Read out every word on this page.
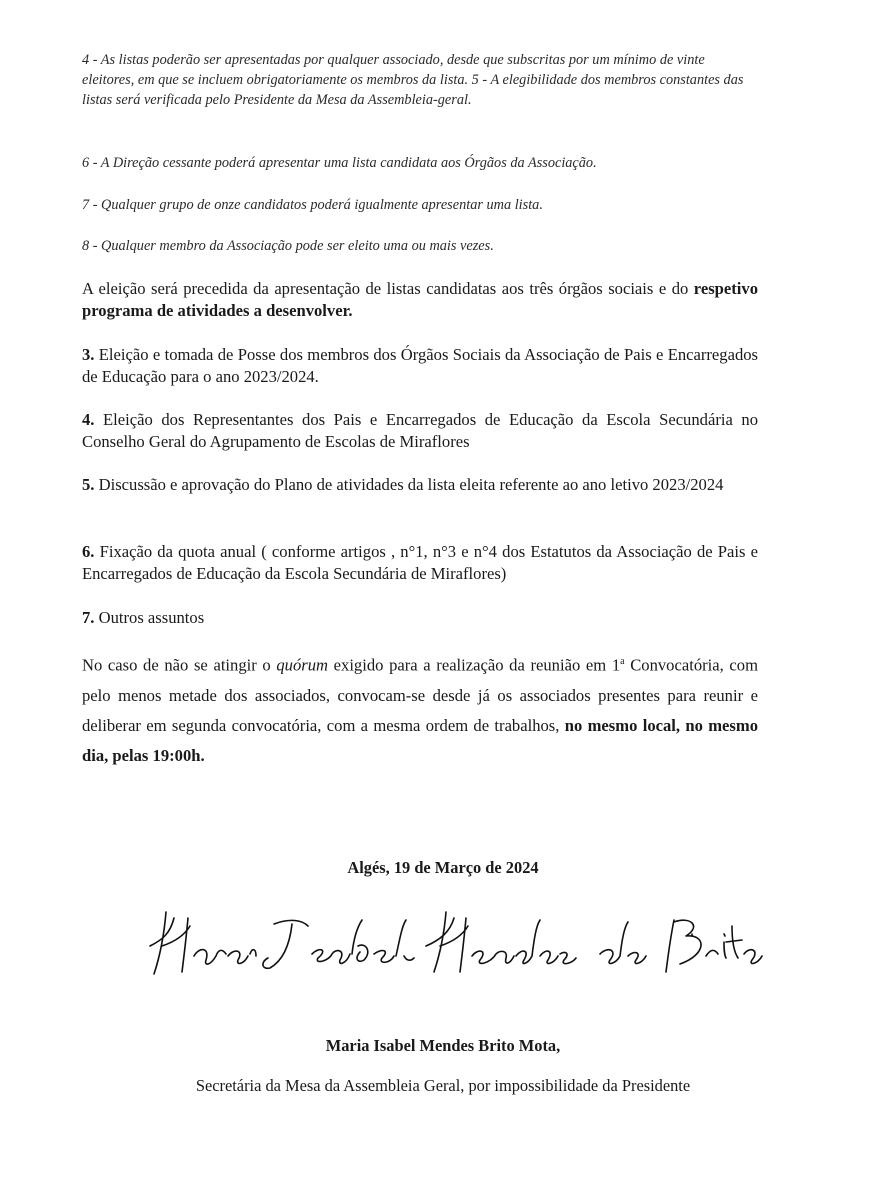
4 - As listas poderão ser apresentadas por qualquer associado, desde que subscritas por um mínimo de vinte eleitores, em que se incluem obrigatoriamente os membros da lista. 5 - A elegibilidade dos membros constantes das listas será verificada pelo Presidente da Mesa da Assembleia-geral.

6 - A Direção cessante poderá apresentar uma lista candidata aos Órgãos da Associação.

7 - Qualquer grupo de onze candidatos poderá igualmente apresentar uma lista.

8 - Qualquer membro da Associação pode ser eleito uma ou mais vezes.

A eleição será precedida da apresentação de listas candidatas aos três órgãos sociais e do respetivo programa de atividades a desenvolver.

3. Eleição e tomada de Posse dos membros dos Órgãos Sociais da Associação de Pais e Encarregados de Educação para o ano 2023/2024.

4. Eleição dos Representantes dos Pais e Encarregados de Educação da Escola Secundária no Conselho Geral do Agrupamento de Escolas de Miraflores

5. Discussão e aprovação do Plano de atividades da lista eleita referente ao ano letivo 2023/2024

6. Fixação da quota anual ( conforme artigos , n°1, n°3 e n°4 dos Estatutos da Associação de Pais e Encarregados de Educação da Escola Secundária de Miraflores)

7. Outros assuntos

No caso de não se atingir o quórum exigido para a realização da reunião em 1$^a$ Convocatória, com pelo menos metade dos associados, convocam-se desde já os associados presentes para reunir e deliberar em segunda convocatória, com a mesma ordem de trabalhos, no mesmo local, no mesmo dia, pelas 19:00h.

Algés, 19 de Março de 2024

Maria Isabel Mendes Brito Mota,

Secretária da Mesa da Assembleia Geral, por impossibilidade da Presidente
